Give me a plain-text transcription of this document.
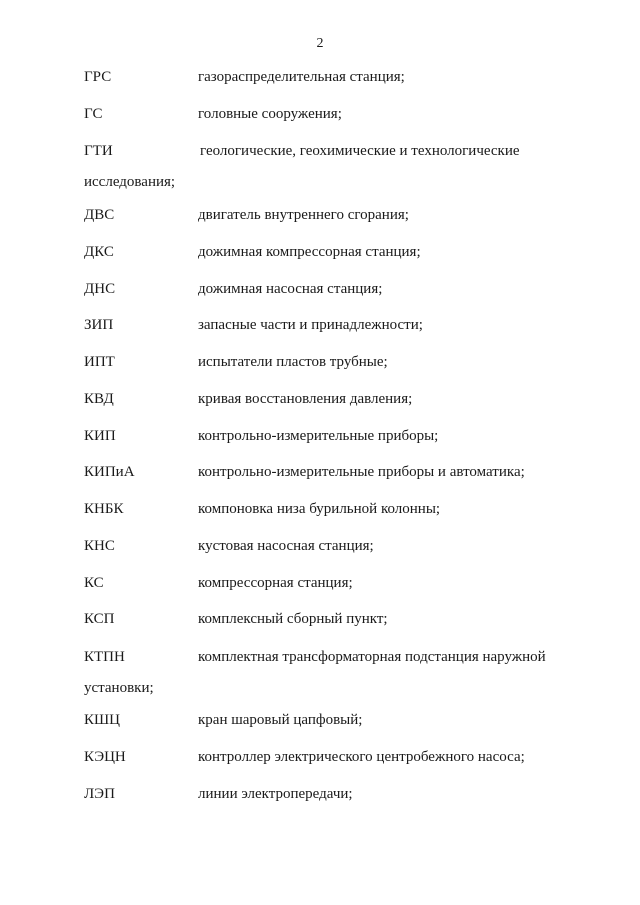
2
ГРС	газораспределительная станция;
ГС	головные сооружения;
ГТИ	геологические, геохимические и технологические
исследования;
ДВС	двигатель внутреннего сгорания;
ДКС	дожимная компрессорная станция;
ДНС	дожимная насосная станция;
ЗИП	запасные части и принадлежности;
ИПТ	испытатели пластов трубные;
КВД	кривая восстановления давления;
КИП	контрольно-измерительные приборы;
КИПиА	контрольно-измерительные приборы и автоматика;
КНБК	компоновка низа бурильной колонны;
КНС	кустовая насосная станция;
КС	компрессорная станция;
КСП	комплексный сборный пункт;
КТПН	комплектная трансформаторная подстанция наружной
установки;
КШЦ	кран шаровый цапфовый;
КЭЦН	контроллер электрического центробежного насоса;
ЛЭП	линии электропередачи;
